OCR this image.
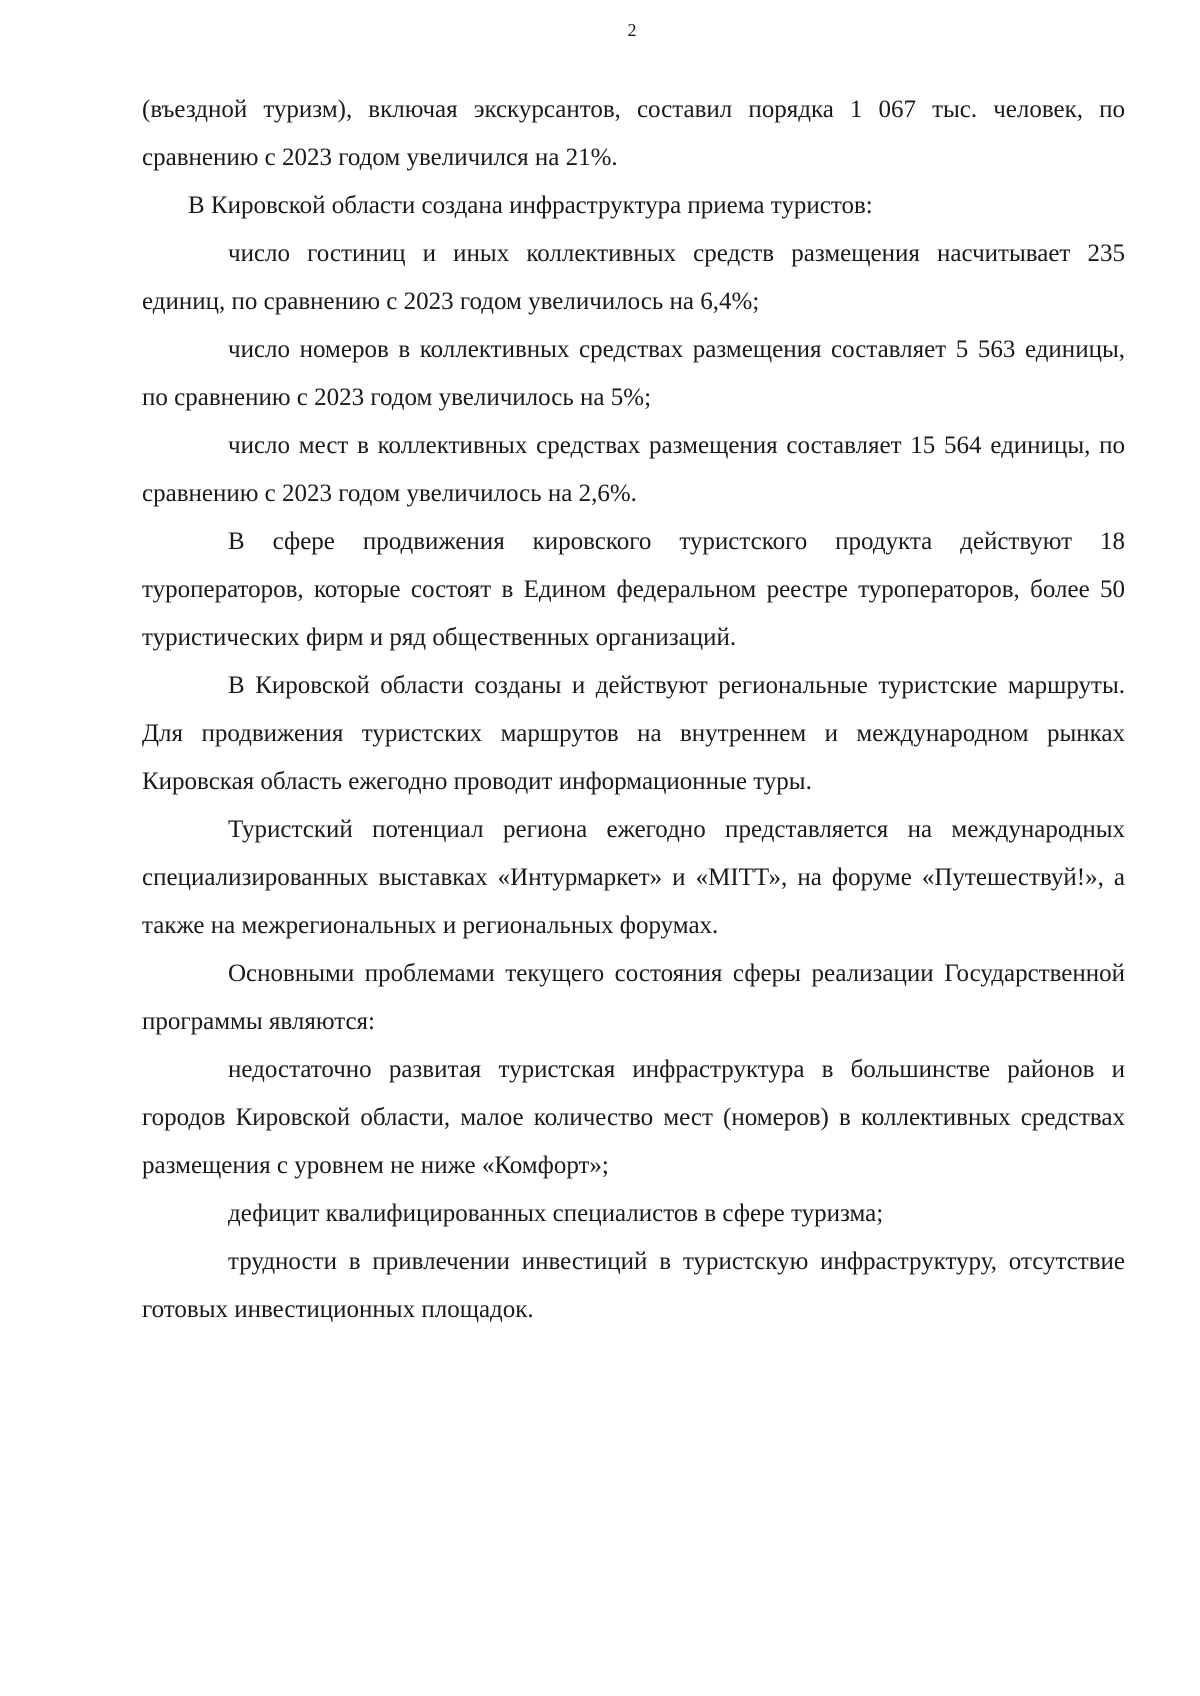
2

(въездной туризм), включая экскурсантов, составил порядка 1 067 тыс. человек, по сравнению с 2023 годом увеличился на 21%.

В Кировской области создана инфраструктура приема туристов:

число гостиниц и иных коллективных средств размещения насчитывает 235 единиц, по сравнению с 2023 годом увеличилось на 6,4%;

число номеров в коллективных средствах размещения составляет 5 563 единицы, по сравнению с 2023 годом увеличилось на 5%;

число мест в коллективных средствах размещения составляет 15 564 единицы, по сравнению с 2023 годом увеличилось на 2,6%.

В сфере продвижения кировского туристского продукта действуют 18 туроператоров, которые состоят в Едином федеральном реестре туроператоров, более 50 туристических фирм и ряд общественных организаций.

В Кировской области созданы и действуют региональные туристские маршруты. Для продвижения туристских маршрутов на внутреннем и международном рынках Кировская область ежегодно проводит информационные туры.

Туристский потенциал региона ежегодно представляется на международных специализированных выставках «Интурмаркет» и «МІТТ», на форуме «Путешествуй!», а также на межрегиональных и региональных форумах.

Основными проблемами текущего состояния сферы реализации Государственной программы являются:

недостаточно развитая туристская инфраструктура в большинстве районов и городов Кировской области, малое количество мест (номеров) в коллективных средствах размещения с уровнем не ниже «Комфорт»;

дефицит квалифицированных специалистов в сфере туризма;

трудности в привлечении инвестиций в туристскую инфраструктуру, отсутствие готовых инвестиционных площадок.
